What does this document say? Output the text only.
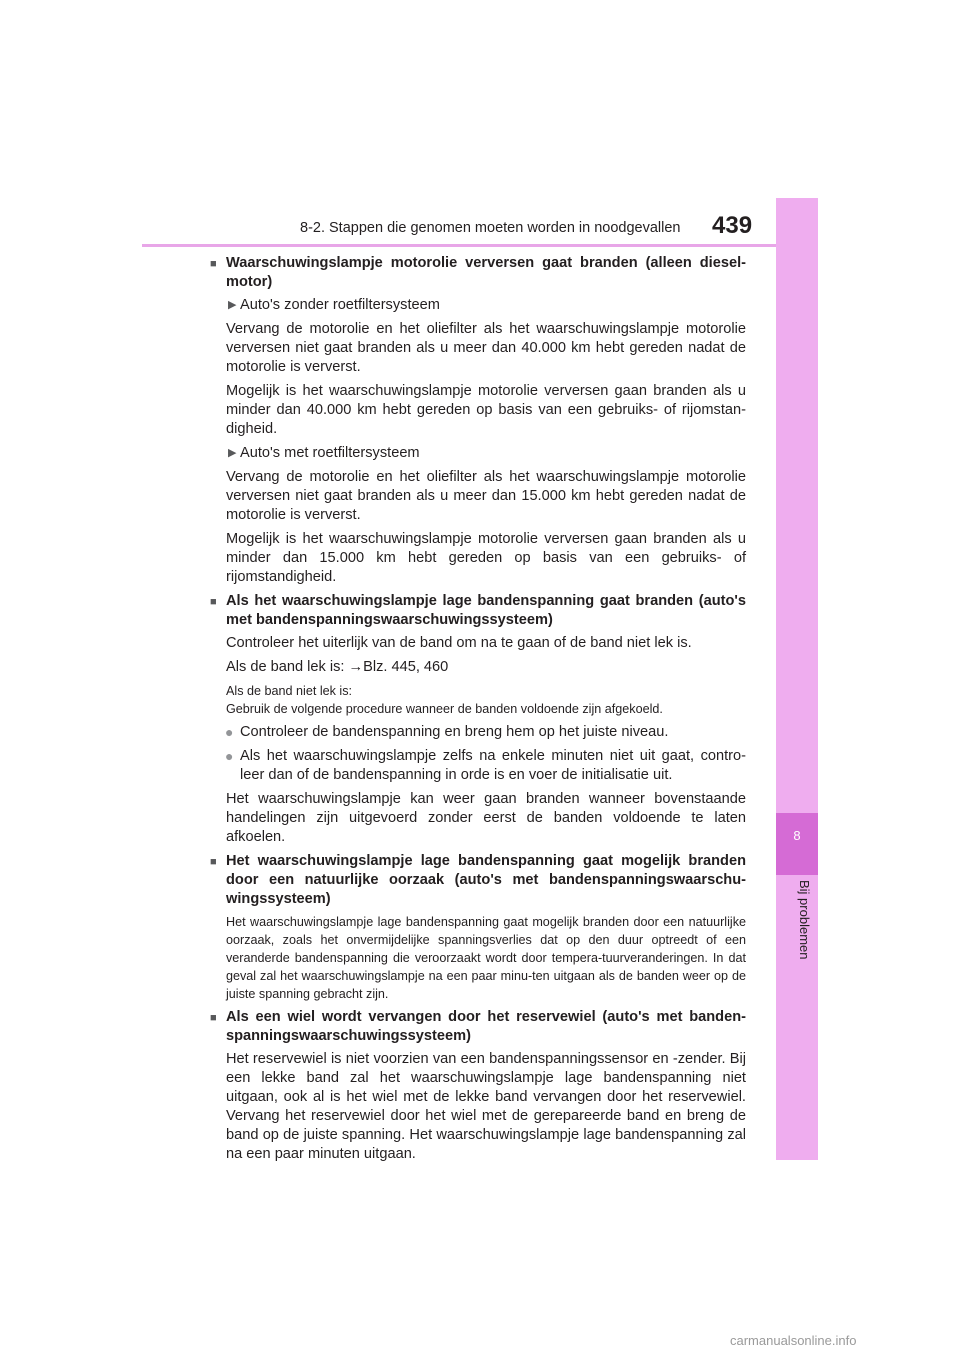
8-2. Stappen die genomen moeten worden in noodgevallen	439
8
Bij problemen

■ Waarschuwingslampje motorolie verversen gaat branden (alleen diesel-motor)

▶ Auto's zonder roetfiltersysteem

Vervang de motorolie en het oliefilter als het waarschuwingslampje motorolie verversen niet gaat branden als u meer dan 40.000 km hebt gereden nadat de motorolie is ververst.

Mogelijk is het waarschuwingslampje motorolie verversen gaan branden als u minder dan 40.000 km hebt gereden op basis van een gebruiks- of rijomstan-digheid.

▶ Auto's met roetfiltersysteem

Vervang de motorolie en het oliefilter als het waarschuwingslampje motorolie verversen niet gaat branden als u meer dan 15.000 km hebt gereden nadat de motorolie is ververst.

Mogelijk is het waarschuwingslampje motorolie verversen gaan branden als u minder dan 15.000 km hebt gereden op basis van een gebruiks- of rijomstandigheid.

■ Als het waarschuwingslampje lage bandenspanning gaat branden (auto's met bandenspanningswaarschuwingssysteem)

Controleer het uiterlijk van de band om na te gaan of de band niet lek is.

Als de band lek is: →Blz. 445, 460

Als de band niet lek is:
Gebruik de volgende procedure wanneer de banden voldoende zijn afgekoeld.

● Controleer de bandenspanning en breng hem op het juiste niveau.

● Als het waarschuwingslampje zelfs na enkele minuten niet uit gaat, contro-leer dan of de bandenspanning in orde is en voer de initialisatie uit.

Het waarschuwingslampje kan weer gaan branden wanneer bovenstaande handelingen zijn uitgevoerd zonder eerst de banden voldoende te laten afkoelen.

■ Het waarschuwingslampje lage bandenspanning gaat mogelijk branden door een natuurlijke oorzaak (auto's met bandenspanningswaarschu-wingssysteem)

Het waarschuwingslampje lage bandenspanning gaat mogelijk branden door een natuurlijke oorzaak, zoals het onvermijdelijke spanningsverlies dat op den duur optreedt of een veranderde bandenspanning die veroorzaakt wordt door tempera-tuurveranderingen. In dat geval zal het waarschuwingslampje na een paar minu-ten uitgaan als de banden weer op de juiste spanning gebracht zijn.

■ Als een wiel wordt vervangen door het reservewiel (auto's met banden-spanningswaarschuwingssysteem)

Het reservewiel is niet voorzien van een bandenspanningssensor en -zender. Bij een lekke band zal het waarschuwingslampje lage bandenspanning niet uitgaan, ook al is het wiel met de lekke band vervangen door het reservewiel. Vervang het reservewiel door het wiel met de gerepareerde band en breng de band op de juiste spanning. Het waarschuwingslampje lage bandenspanning zal na een paar minuten uitgaan.

carmanualsonline.info
